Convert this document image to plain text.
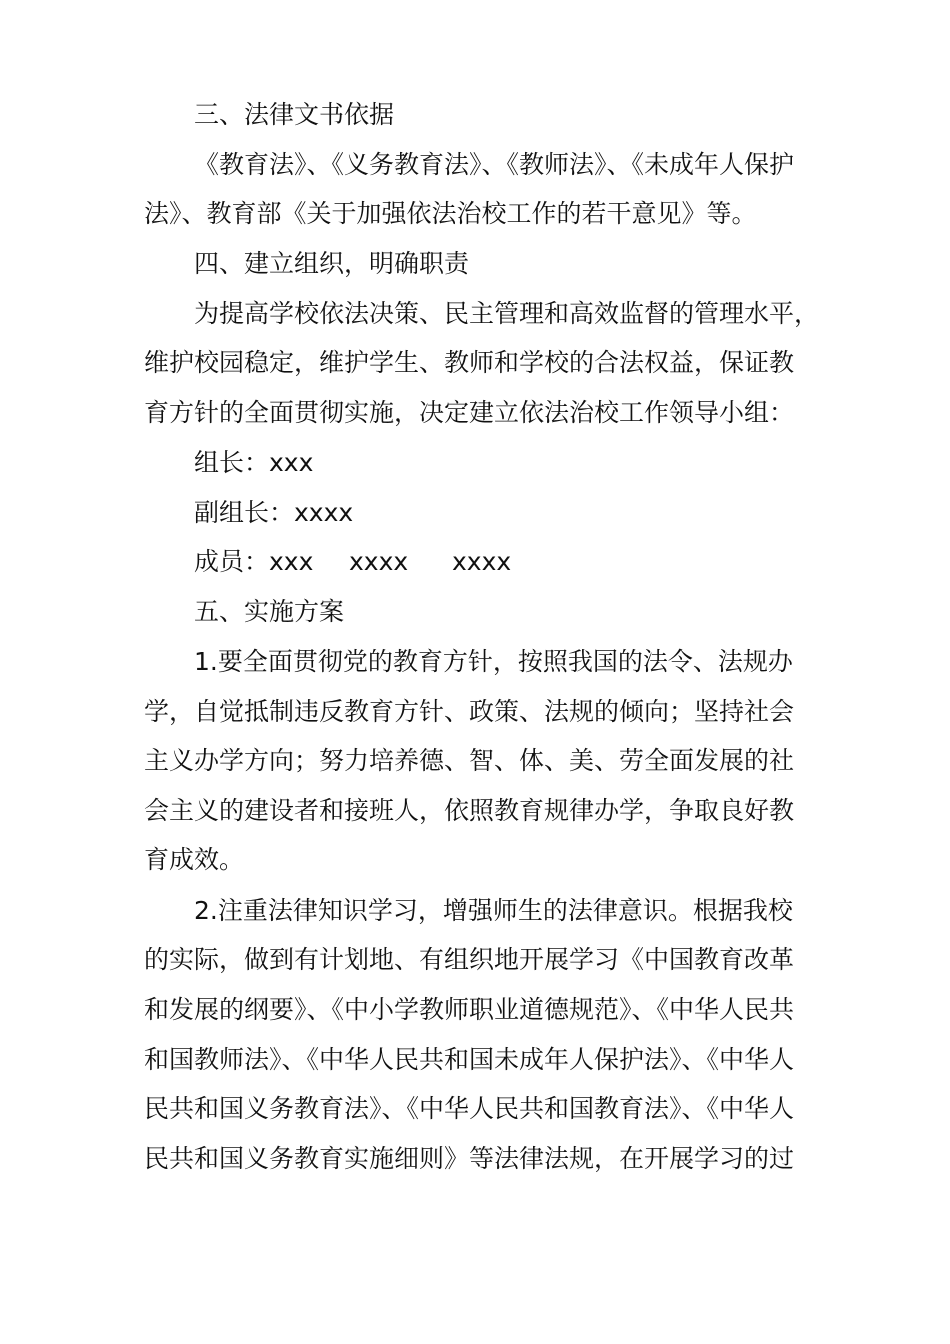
三、法律文书依据
《教育法》、《义务教育法》、《教师法》、《未成年人保护
法》、教育部《关于加强依法治校工作的若干意见》等。
四、建立组织，明确职责
为提高学校依法决策、民主管理和高效监督的管理水平，
维护校园稳定，维护学生、教师和学校的合法权益，保证教
育方针的全面贯彻实施，决定建立依法治校工作领导小组：
组长：xxx
副组长：xxxx
成员：xxx xxxx xxxx
五、实施方案
1.要全面贯彻党的教育方针，按照我国的法令、法规办
学，自觉抵制违反教育方针、政策、法规的倾向；坚持社会
主义办学方向；努力培养德、智、体、美、劳全面发展的社
会主义的建设者和接班人，依照教育规律办学，争取良好教
育成效。
2.注重法律知识学习，增强师生的法律意识。根据我校
的实际，做到有计划地、有组织地开展学习《中国教育改革
和发展的纲要》、《中小学教师职业道德规范》、《中华人民共
和国教师法》、《中华人民共和国未成年人保护法》、《中华人
民共和国义务教育法》、《中华人民共和国教育法》、《中华人
民共和国义务教育实施细则》等法律法规，在开展学习的过
